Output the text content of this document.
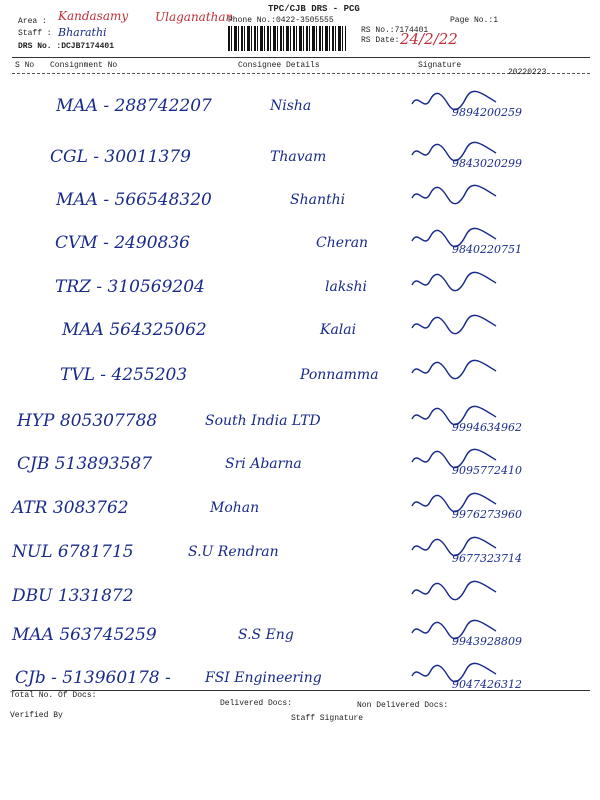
TPC/CJB DRS - PCG
Area : Kandasamy Ulaganathan
Phone No.:0422-3505555	Page No.:1
Staff : Bharathi
DRS No. :DCJB7174401
RS No.:7174401
RS Date: 24/2/22
S No Consignment No	Consignee Details	Signature
20220223
MAA - 288742207	Nisha	9894200259
CGL - 30011379	Thavam	9843020299
MAA - 566548320	Shanthi
CVM - 2490836	Cheran	9840220751
TRZ - 310569204	lakshi
MAA 564325062	Kalai
TVL - 4255203	Ponnamma
HYP 805307788	South India LTD	9994634962
CJB 513893587	Sri Abarna	9095772410
ATR 3083762	Mohan	9976273960
NUL 6781715	S.U Rendran	9677323714
DBU 1331872
MAA 563745259	S.S Eng	9943928809
CJb - 513960178 - FSI Engineering	9047426312
Total No. Of Docs:
Delivered Docs:	Non Delivered Docs:
Verified By	Staff Signature
